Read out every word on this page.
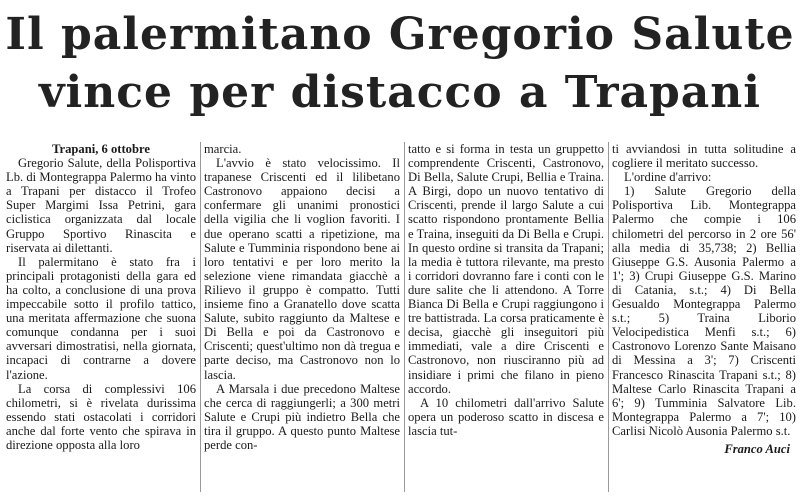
Il palermitano Gregorio Salute
vince per distacco a Trapani

Trapani, 6 ottobre

Gregorio Salute, della Polisportiva Lb. di Montegrappa Palermo ha vinto a Trapani per distacco il Trofeo Super Margimi Issa Petrini, gara ciclistica organizzata dal locale Gruppo Sportivo Rinascita e riservata ai dilettanti.

Il palermitano è stato fra i principali protagonisti della gara ed ha colto, a conclusione di una prova impeccabile sotto il profilo tattico, una meritata affermazione che suona comunque condanna per i suoi avversari dimostratisi, nella giornata, incapaci di contrarne a dovere l'azione.

La corsa di complessivi 106 chilometri, si è rivelata durissima essendo stati ostacolati i corridori anche dal forte vento che spirava in direzione opposta alla loro

marcia.

L'avvio è stato velocissimo. Il trapanese Criscenti ed il lilibetano Castronovo appaiono decisi a confermare gli unanimi pronostici della vigilia che li voglion favoriti. I due operano scatti a ripetizione, ma Salute e Tumminia rispondono bene ai loro tentativi e per loro merito la selezione viene rimandata giacchè a Rilievo il gruppo è compatto. Tutti insieme fino a Granatello dove scatta Salute, subito raggiunto da Maltese e Di Bella e poi da Castronovo e Criscenti; quest'ultimo non dà tregua e parte deciso, ma Castronovo non lo lascia.

A Marsala i due precedono Maltese che cerca di raggiungerli; a 300 metri Salute e Crupi più indietro Bella che tira il gruppo. A questo punto Maltese perde con-

tatto e si forma in testa un gruppetto comprendente Criscenti, Castronovo, Di Bella, Salute Crupi, Bellia e Traina. A Birgi, dopo un nuovo tentativo di Criscenti, prende il largo Salute a cui scatto rispondono prontamente Bellia e Traina, inseguiti da Di Bella e Crupi. In questo ordine si transita da Trapani; la media è tuttora rilevante, ma presto i corridori dovranno fare i conti con le dure salite che li attendono. A Torre Bianca Di Bella e Crupi raggiungono i tre battistrada. La corsa praticamente è decisa, giacchè gli inseguitori più immediati, vale a dire Criscenti e Castronovo, non riusciranno più ad insidiare i primi che filano in pieno accordo.

A 10 chilometri dall'arrivo Salute opera un poderoso scatto in discesa e lascia tut-

ti avviandosi in tutta solitudine a cogliere il meritato successo.

L'ordine d'arrivo:

1) Salute Gregorio della Polisportiva Lib. Montegrappa Palermo che compie i 106 chilometri del percorso in 2 ore 56' alla media di 35,738; 2) Bellia Giuseppe G.S. Ausonia Palermo a 1'; 3) Crupi Giuseppe G.S. Marino di Catania, s.t.; 4) Di Bella Gesualdo Montegrappa Palermo s.t.; 5) Traina Liborio Velocipedistica Menfi s.t.; 6) Castronovo Lorenzo Sante Maisano di Messina a 3'; 7) Criscenti Francesco Rinascita Trapani s.t.; 8) Maltese Carlo Rinascita Trapani a 6'; 9) Tumminia Salvatore Lib. Montegrappa Palermo a 7'; 10) Carlisi Nicolò Ausonia Palermo s.t.

Franco Auci
